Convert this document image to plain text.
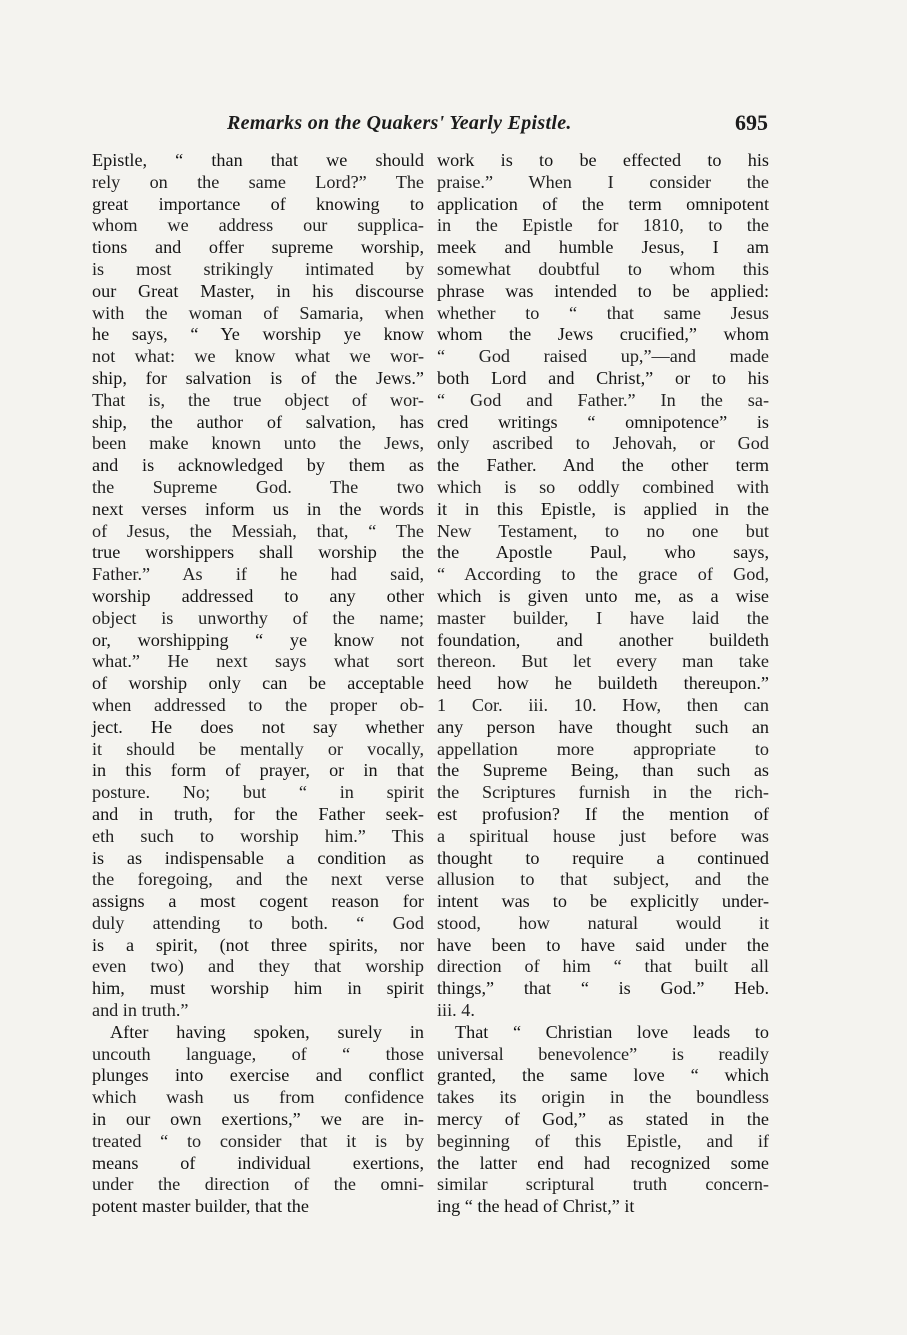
Remarks on the Quakers' Yearly Epistle.	695
Epistle, “ than that we should
rely on the same Lord?” The
great importance of knowing to
whom we address our supplica-
tions and offer supreme worship,
is most strikingly intimated by
our Great Master, in his discourse
with the woman of Samaria, when
he says, “ Ye worship ye know
not what: we know what we wor-
ship, for salvation is of the Jews.”
That is, the true object of wor-
ship, the author of salvation, has
been make known unto the Jews,
and is acknowledged by them as
the Supreme God. The two
next verses inform us in the words
of Jesus, the Messiah, that, “ The
true worshippers shall worship the
Father.” As if he had said,
worship addressed to any other
object is unworthy of the name;
or, worshipping “ ye know not
what.” He next says what sort
of worship only can be acceptable
when addressed to the proper ob-
ject. He does not say whether
it should be mentally or vocally,
in this form of prayer, or in that
posture. No; but “ in spirit
and in truth, for the Father seek-
eth such to worship him.” This
is as indispensable a condition as
the foregoing, and the next verse
assigns a most cogent reason for
duly attending to both. “ God
is a spirit, (not three spirits, nor
even two) and they that worship
him, must worship him in spirit
and in truth.”
After having spoken, surely in
uncouth language, of “ those
plunges into exercise and conflict
which wash us from confidence
in our own exertions,” we are in-
treated “ to consider that it is by
means of individual exertions,
under the direction of the omni-
potent master builder, that the
work is to be effected to his
praise.” When I consider the
application of the term omnipotent
in the Epistle for 1810, to the
meek and humble Jesus, I am
somewhat doubtful to whom this
phrase was intended to be applied:
whether to “ that same Jesus
whom the Jews crucified,” whom
“ God raised up,”—and made
both Lord and Christ,” or to his
“ God and Father.” In the sa-
cred writings “ omnipotence” is
only ascribed to Jehovah, or God
the Father. And the other term
which is so oddly combined with
it in this Epistle, is applied in the
New Testament, to no one but
the Apostle Paul, who says,
“ According to the grace of God,
which is given unto me, as a wise
master builder, I have laid the
foundation, and another buildeth
thereon. But let every man take
heed how he buildeth thereupon.”
1 Cor. iii. 10. How, then can
any person have thought such an
appellation more appropriate to
the Supreme Being, than such as
the Scriptures furnish in the rich-
est profusion? If the mention of
a spiritual house just before was
thought to require a continued
allusion to that subject, and the
intent was to be explicitly under-
stood, how natural would it
have been to have said under the
direction of him “ that built all
things,” that “ is God.” Heb.
iii. 4.
That “ Christian love leads to
universal benevolence” is readily
granted, the same love “ which
takes its origin in the boundless
mercy of God,” as stated in the
beginning of this Epistle, and if
the latter end had recognized some
similar scriptural truth concern-
ing “ the head of Christ,” it
